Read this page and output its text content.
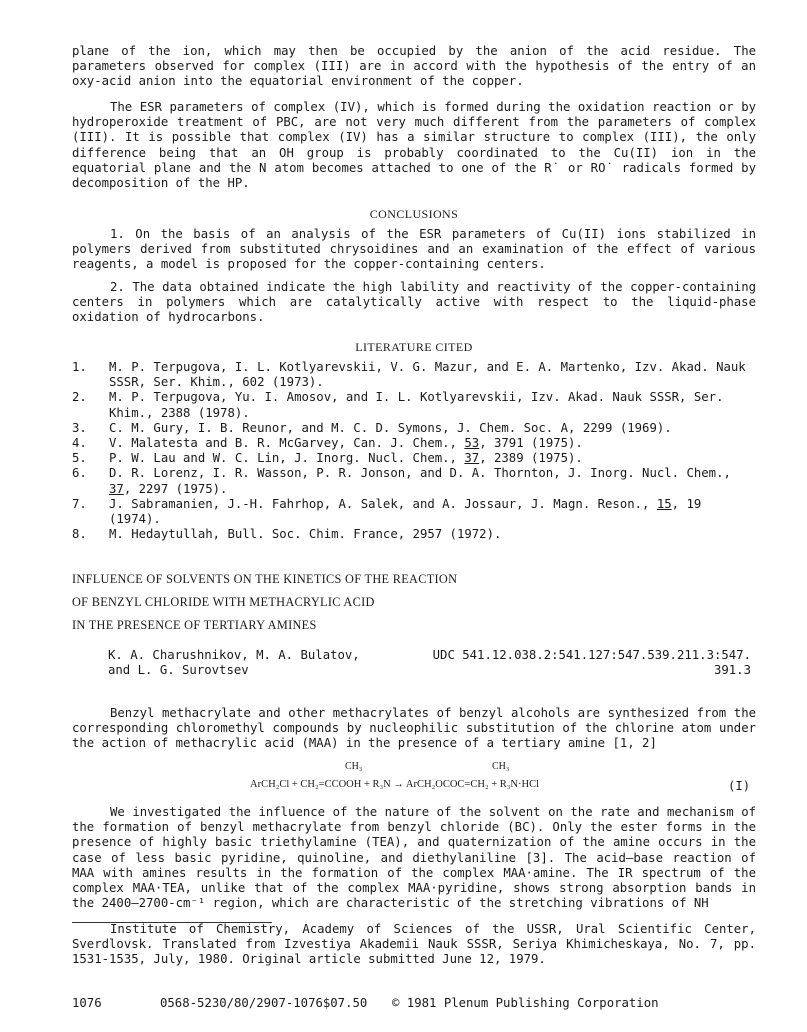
plane of the ion, which may then be occupied by the anion of the acid residue. The parameters observed for complex (III) are in accord with the hypothesis of the entry of an oxy-acid anion into the equatorial environment of the copper.

The ESR parameters of complex (IV), which is formed during the oxidation reaction or by hydroperoxide treatment of PBC, are not very much different from the parameters of complex (III). It is possible that complex (IV) has a similar structure to complex (III), the only difference being that an OH group is probably coordinated to the Cu(II) ion in the equatorial plane and the N atom becomes attached to one of the R˙ or RO˙ radicals formed by decomposition of the HP.

CONCLUSIONS
1. On the basis of an analysis of the ESR parameters of Cu(II) ions stabilized in polymers derived from substituted chrysoidines and an examination of the effect of various reagents, a model is proposed for the copper-containing centers.
2. The data obtained indicate the high lability and reactivity of the copper-containing centers in polymers which are catalytically active with respect to the liquid-phase oxidation of hydrocarbons.
LITERATURE CITED
1. M. P. Terpugova, I. L. Kotlyarevskii, V. G. Mazur, and E. A. Martenko, Izv. Akad. Nauk SSSR, Ser. Khim., 602 (1973).
2. M. P. Terpugova, Yu. I. Amosov, and I. L. Kotlyarevskii, Izv. Akad. Nauk SSSR, Ser. Khim., 2388 (1978).
3. C. M. Gury, I. B. Reunor, and M. C. D. Symons, J. Chem. Soc. A, 2299 (1969).
4. V. Malatesta and B. R. McGarvey, Can. J. Chem., 53, 3791 (1975).
5. P. W. Lau and W. C. Lin, J. Inorg. Nucl. Chem., 37, 2389 (1975).
6. D. R. Lorenz, I. R. Wasson, P. R. Jonson, and D. A. Thornton, J. Inorg. Nucl. Chem., 37, 2297 (1975).
7. J. Sabramanien, J.-H. Fahrhop, A. Salek, and A. Jossaur, J. Magn. Reson., 15, 19 (1974).
8. M. Hedaytullah, Bull. Soc. Chim. France, 2957 (1972).
INFLUENCE OF SOLVENTS ON THE KINETICS OF THE REACTION
OF BENZYL CHLORIDE WITH METHACRYLIC ACID
IN THE PRESENCE OF TERTIARY AMINES
K. A. Charushnikov, M. A. Bulatov,
and L. G. Surovtsev
UDC 541.12.038.2:541.127:547.539.211.3:547.
391.3
Benzyl methacrylate and other methacrylates of benzyl alcohols are synthesized from the corresponding chloromethyl compounds by nucleophilic substitution of the chlorine atom under the action of methacrylic acid (MAA) in the presence of a tertiary amine [1, 2]
CH₃	CH₃
ArCH₂Cl + CH₂=CCOOH + R₃N → ArCH₂OCOC=CH₂ + R₃N·HCl	(I)
We investigated the influence of the nature of the solvent on the rate and mechanism of the formation of benzyl methacrylate from benzyl chloride (BC). Only the ester forms in the presence of highly basic triethylamine (TEA), and quaternization of the amine occurs in the case of less basic pyridine, quinoline, and diethylaniline [3]. The acid–base reaction of MAA with amines results in the formation of the complex MAA·amine. The IR spectrum of the complex MAA·TEA, unlike that of the complex MAA·pyridine, shows strong absorption bands in the 2400–2700-cm⁻¹ region, which are characteristic of the stretching vibrations of NH
Institute of Chemistry, Academy of Sciences of the USSR, Ural Scientific Center, Sverdlovsk. Translated from Izvestiya Akademii Nauk SSSR, Seriya Khimicheskaya, No. 7, pp. 1531-1535, July, 1980. Original article submitted June 12, 1979.
1076	0568-5230/80/2907-1076$07.50 © 1981 Plenum Publishing Corporation
